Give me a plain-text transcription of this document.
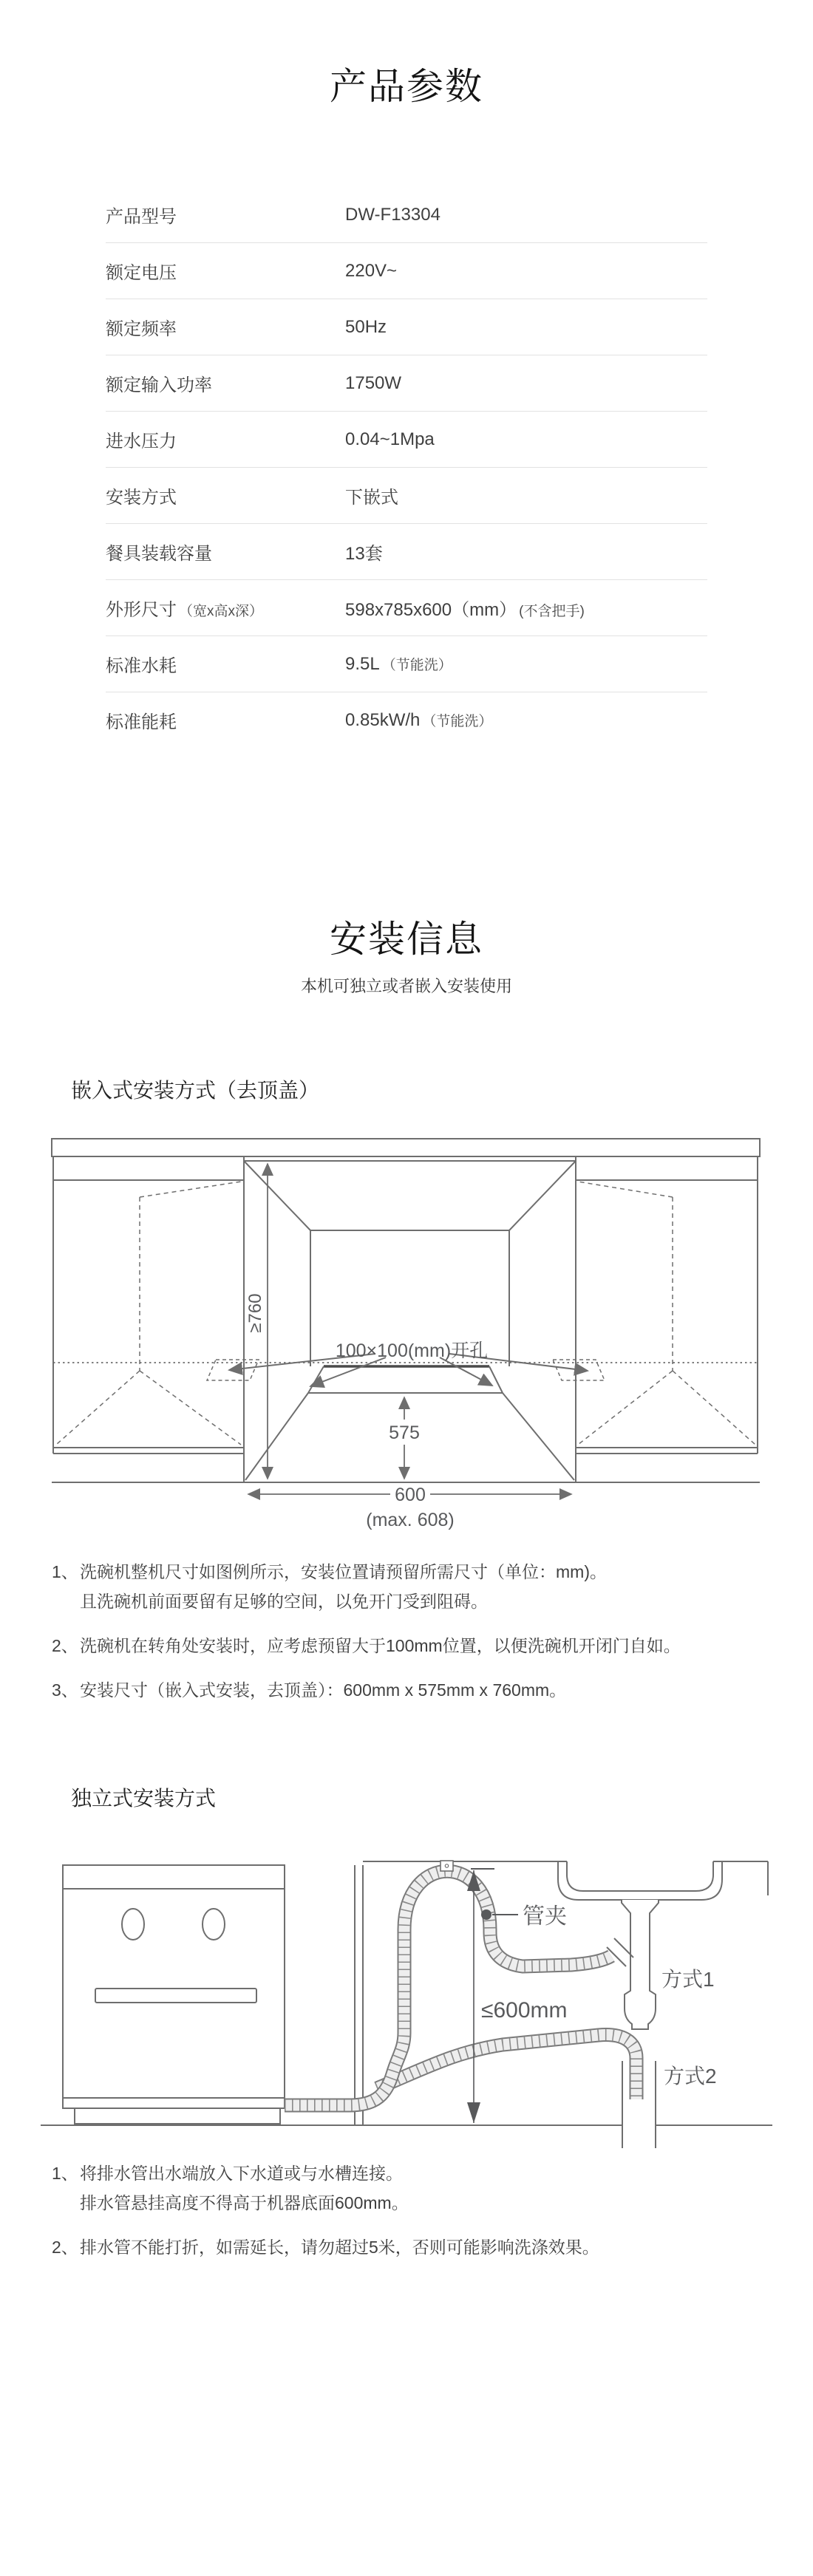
产品参数
产品型号	DW-F13304
额定电压	220V~
额定频率	50Hz
额定输入功率	1750W
进水压力	0.04~1Mpa
安装方式	下嵌式
餐具装载容量	13套
外形尺寸 （宽x高x深）	598x785x600（mm） (不含把手)
标准水耗	9.5L （节能洗）
标准能耗	0.85kW/h （节能洗）
安装信息
本机可独立或者嵌入安装使用
嵌入式安装方式（去顶盖）
100×100(mm)开孔
≥760
575
600
(max. 608)
1、 洗碗机整机尺寸如图例所示，安装位置请预留所需尺寸（单位：mm)。
且洗碗机前面要留有足够的空间，以免开门受到阻碍。
2、 洗碗机在转角处安装时，应考虑预留大于100mm位置，以便洗碗机开闭门自如。
3、 安装尺寸（嵌入式安装，去顶盖）：600mm x 575mm x 760mm。
独立式安装方式
管夹
≤600mm
方式1
方式2
1、 将排水管出水端放入下水道或与水槽连接。
排水管悬挂高度不得高于机器底面600mm。
2、 排水管不能打折，如需延长，请勿超过5米，否则可能影响洗涤效果。
